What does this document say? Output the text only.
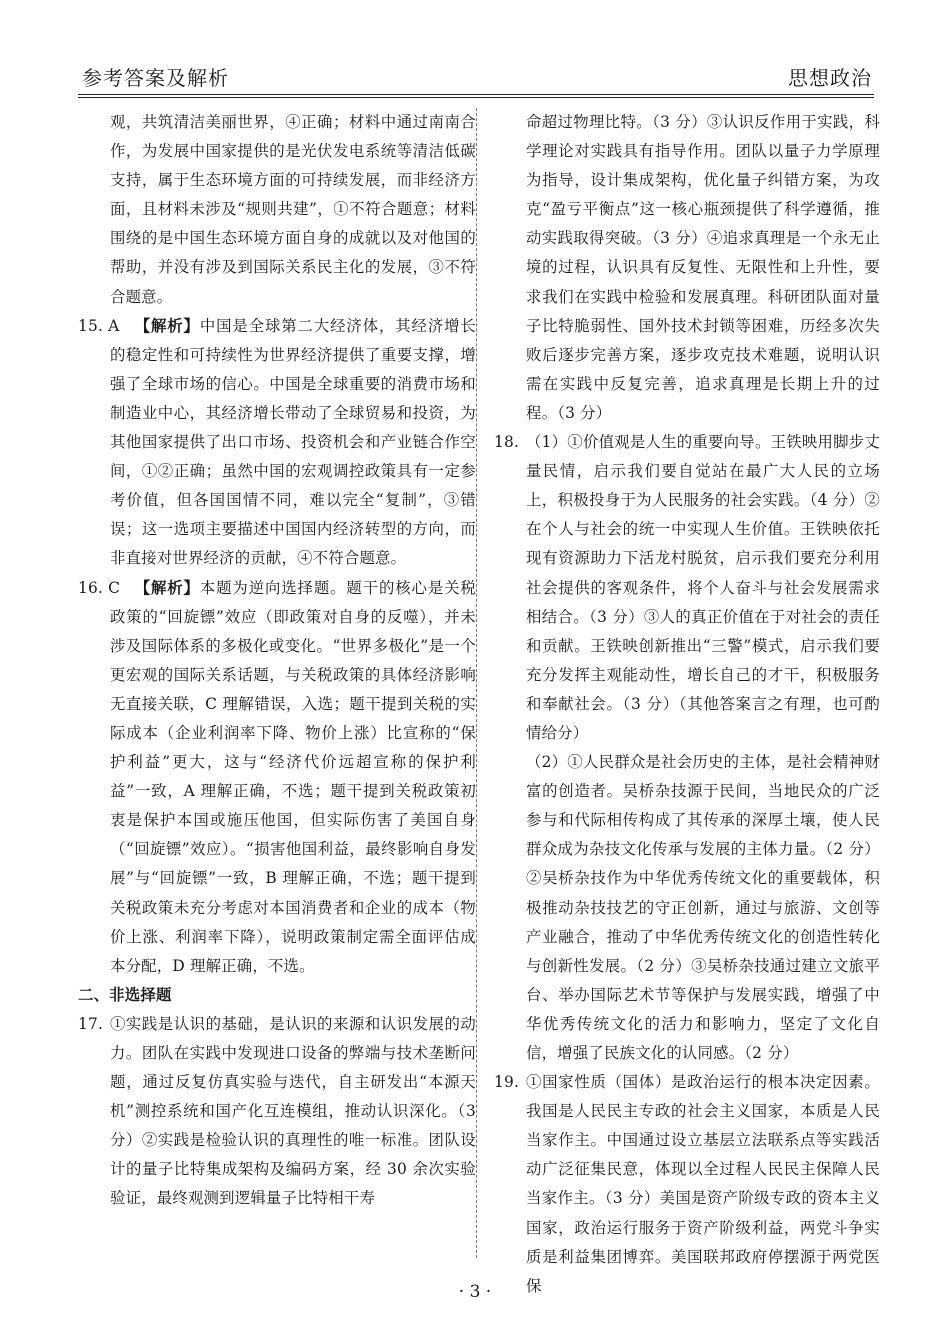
参考答案及解析	思想政治

观，共筑清洁美丽世界，④正确；材料中通过南南合作，为发展中国家提供的是光伏发电系统等清洁低碳支持，属于生态环境方面的可持续发展，而非经济方面，且材料未涉及“规则共建”，①不符合题意；材料围绕的是中国生态环境方面自身的成就以及对他国的帮助，并没有涉及到国际关系民主化的发展，③不符合题意。

15. A 【解析】中国是全球第二大经济体，其经济增长的稳定性和可持续性为世界经济提供了重要支撑，增强了全球市场的信心。中国是全球重要的消费市场和制造业中心，其经济增长带动了全球贸易和投资，为其他国家提供了出口市场、投资机会和产业链合作空间，①②正确；虽然中国的宏观调控政策具有一定参考价值，但各国国情不同，难以完全“复制”，③错误；这一选项主要描述中国国内经济转型的方向，而非直接对世界经济的贡献，④不符合题意。

16. C 【解析】本题为逆向选择题。题干的核心是关税政策的“回旋镖”效应（即政策对自身的反噬），并未涉及国际体系的多极化或变化。“世界多极化”是一个更宏观的国际关系话题，与关税政策的具体经济影响无直接关联，C 理解错误，入选；题干提到关税的实际成本（企业利润率下降、物价上涨）比宣称的“保护利益”更大，这与“经济代价远超宣称的保护利益”一致，A 理解正确，不选；题干提到关税政策初衷是保护本国或施压他国，但实际伤害了美国自身（“回旋镖”效应）。“损害他国利益，最终影响自身发展”与“回旋镖”一致，B 理解正确，不选；题干提到关税政策未充分考虑对本国消费者和企业的成本（物价上涨、利润率下降），说明政策制定需全面评估成本分配，D 理解正确，不选。

二、非选择题

17. ①实践是认识的基础，是认识的来源和认识发展的动力。团队在实践中发现进口设备的弊端与技术垄断问题，通过反复仿真实验与迭代，自主研发出“本源天机”测控系统和国产化互连模组，推动认识深化。（3 分）②实践是检验认识的真理性的唯一标准。团队设计的量子比特集成架构及编码方案，经 30 余次实验验证，最终观测到逻辑量子比特相干寿

命超过物理比特。（3 分）③认识反作用于实践，科学理论对实践具有指导作用。团队以量子力学原理为指导，设计集成架构，优化量子纠错方案，为攻克“盈亏平衡点”这一核心瓶颈提供了科学遵循，推动实践取得突破。（3 分）④追求真理是一个永无止境的过程，认识具有反复性、无限性和上升性，要求我们在实践中检验和发展真理。科研团队面对量子比特脆弱性、国外技术封锁等困难，历经多次失败后逐步完善方案，逐步攻克技术难题，说明认识需在实践中反复完善，追求真理是长期上升的过程。（3 分）

18. （1）①价值观是人生的重要向导。王铁映用脚步丈量民情，启示我们要自觉站在最广大人民的立场上，积极投身于为人民服务的社会实践。（4 分）②在个人与社会的统一中实现人生价值。王铁映依托现有资源助力下活龙村脱贫，启示我们要充分利用社会提供的客观条件，将个人奋斗与社会发展需求相结合。（3 分）③人的真正价值在于对社会的责任和贡献。王铁映创新推出“三警”模式，启示我们要充分发挥主观能动性，增长自己的才干，积极服务和奉献社会。（3 分）（其他答案言之有理，也可酌情给分）

（2）①人民群众是社会历史的主体，是社会精神财富的创造者。吴桥杂技源于民间，当地民众的广泛参与和代际相传构成了其传承的深厚土壤，使人民群众成为杂技文化传承与发展的主体力量。（2 分）②吴桥杂技作为中华优秀传统文化的重要载体，积极推动杂技技艺的守正创新，通过与旅游、文创等产业融合，推动了中华优秀传统文化的创造性转化与创新性发展。（2 分）③吴桥杂技通过建立文旅平台、举办国际艺术节等保护与发展实践，增强了中华优秀传统文化的活力和影响力，坚定了文化自信，增强了民族文化的认同感。（2 分）

19. ①国家性质（国体）是政治运行的根本决定因素。我国是人民民主专政的社会主义国家，本质是人民当家作主。中国通过设立基层立法联系点等实践活动广泛征集民意，体现以全过程人民民主保障人民当家作主。（3 分）美国是资产阶级专政的资本主义国家，政治运行服务于资产阶级利益，两党斗争实质是利益集团博弈。美国联邦政府停摆源于两党医保

· 3 ·
